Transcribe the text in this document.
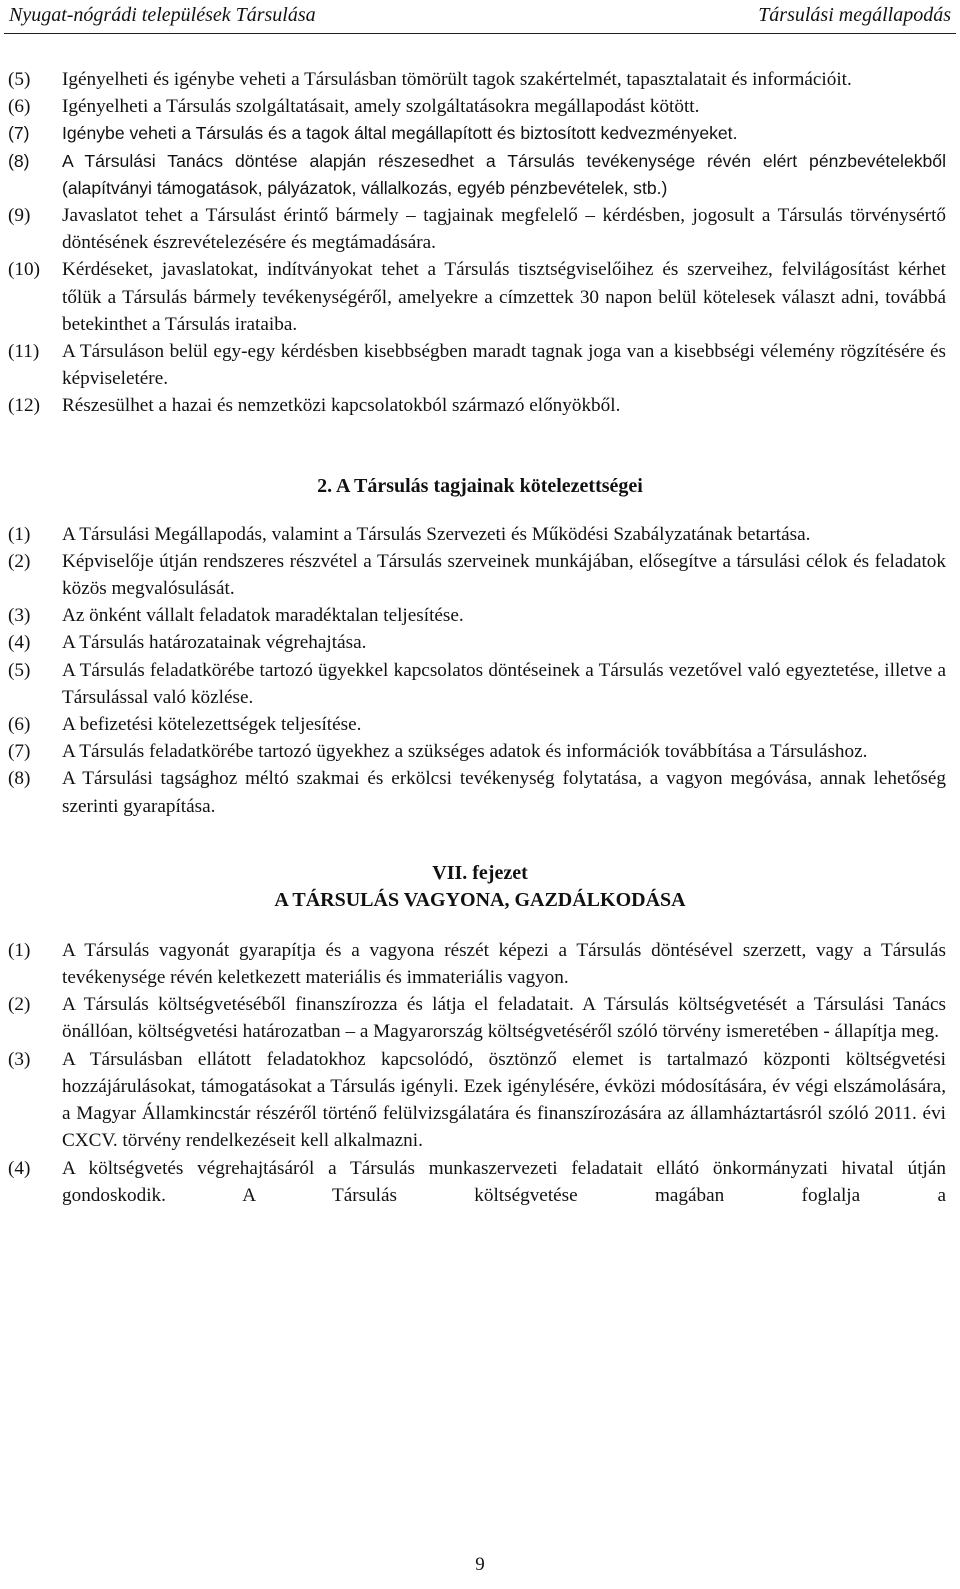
Nyugat-nógrádi települések Társulása	Társulási megállapodás
(5) Igényelheti és igénybe veheti a Társulásban tömörült tagok szakértelmét, tapasztalatait és információit.
(6) Igényelheti a Társulás szolgáltatásait, amely szolgáltatásokra megállapodást kötött.
(7) Igénybe veheti a Társulás és a tagok által megállapított és biztosított kedvezményeket.
(8) A Társulási Tanács döntése alapján részesedhet a Társulás tevékenysége révén elért pénzbevételekből (alapítványi támogatások, pályázatok, vállalkozás, egyéb pénzbevételek, stb.)
(9) Javaslatot tehet a Társulást érintő bármely – tagjainak megfelelő – kérdésben, jogosult a Társulás törvénysértő döntésének észrevételezésére és megtámadására.
(10) Kérdéseket, javaslatokat, indítványokat tehet a Társulás tisztségviselőihez és szerveihez, felvilágosítást kérhet tőlük a Társulás bármely tevékenységéről, amelyekre a címzettek 30 napon belül kötelesek választ adni, továbbá betekinthet a Társulás irataiba.
(11) A Társuláson belül egy-egy kérdésben kisebbségben maradt tagnak joga van a kisebbségi vélemény rögzítésére és képviseletére.
(12) Részesülhet a hazai és nemzetközi kapcsolatokból származó előnyökből.
2. A Társulás tagjainak kötelezettségei
(1) A Társulási Megállapodás, valamint a Társulás Szervezeti és Működési Szabályzatának betartása.
(2) Képviselője útján rendszeres részvétel a Társulás szerveinek munkájában, elősegítve a társulási célok és feladatok közös megvalósulását.
(3) Az önként vállalt feladatok maradéktalan teljesítése.
(4) A Társulás határozatainak végrehajtása.
(5) A Társulás feladatkörébe tartozó ügyekkel kapcsolatos döntéseinek a Társulás vezetővel való egyeztetése, illetve a Társulással való közlése.
(6) A befizetési kötelezettségek teljesítése.
(7) A Társulás feladatkörébe tartozó ügyekhez a szükséges adatok és információk továbbítása a Társuláshoz.
(8) A Társulási tagsághoz méltó szakmai és erkölcsi tevékenység folytatása, a vagyon megóvása, annak lehetőség szerinti gyarapítása.
VII. fejezet
A TÁRSULÁS VAGYONA, GAZDÁLKODÁSA
(1) A Társulás vagyonát gyarapítja és a vagyona részét képezi a Társulás döntésével szerzett, vagy a Társulás tevékenysége révén keletkezett materiális és immateriális vagyon.
(2) A Társulás költségvetéséből finanszírozza és látja el feladatait. A Társulás költségvetését a Társulási Tanács önállóan, költségvetési határozatban – a Magyarország költségvetéséről szóló törvény ismeretében - állapítja meg.
(3) A Társulásban ellátott feladatokhoz kapcsolódó, ösztönző elemet is tartalmazó központi költségvetési hozzájárulásokat, támogatásokat a Társulás igényli. Ezek igénylésére, évközi módosítására, év végi elszámolására, a Magyar Államkincstár részéről történő felülvizsgálatára és finanszírozására az államháztartásról szóló 2011. évi CXCV. törvény rendelkezéseit kell alkalmazni.
(4) A költségvetés végrehajtásáról a Társulás munkaszervezeti feladatait ellátó önkormányzati hivatal útján gondoskodik. A Társulás költségvetése magában foglalja a
9
